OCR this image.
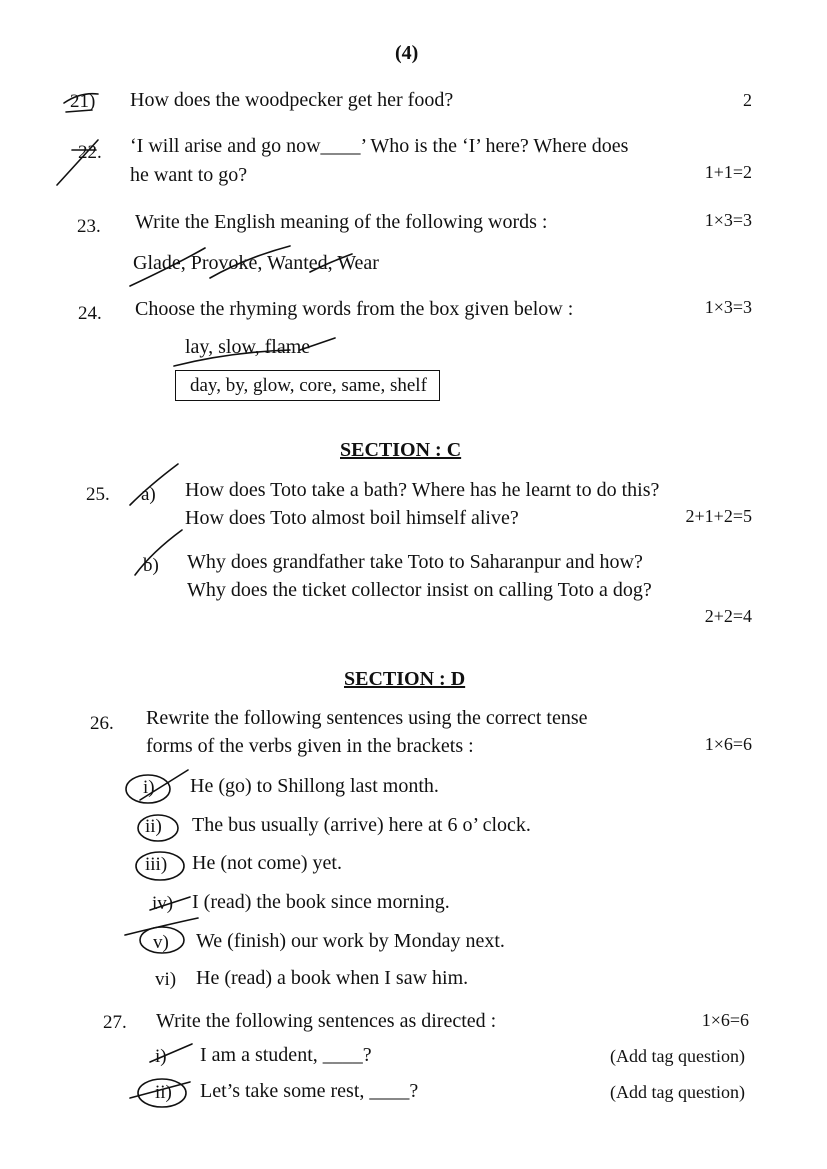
(4)
21) How does the woodpecker get her food?	2
22. ‘I will arise and go now____’ Who is the ‘I’ here? Where does
he want to go?	1+1=2
23. Write the English meaning of the following words :	1×3=3
Glade, Provoke, Wanted, Wear
24. Choose the rhyming words from the box given below :	1×3=3
lay, slow, flame
day, by, glow, core, same, shelf
SECTION : C
25. a) How does Toto take a bath? Where has he learnt to do this?
How does Toto almost boil himself alive?	2+1+2=5
b) Why does grandfather take Toto to Saharanpur and how?
Why does the ticket collector insist on calling Toto a dog?
2+2=4
SECTION : D
26. Rewrite the following sentences using the correct tense
forms of the verbs given in the brackets :	1×6=6
i) He (go) to Shillong last month.
ii) The bus usually (arrive) here at 6 o’ clock.
iii) He (not come) yet.
iv) I (read) the book since morning.
v) We (finish) our work by Monday next.
vi) He (read) a book when I saw him.
27. Write the following sentences as directed :	1×6=6
i) I am a student, ____?	(Add tag question)
ii) Let’s take some rest, ____?	(Add tag question)
